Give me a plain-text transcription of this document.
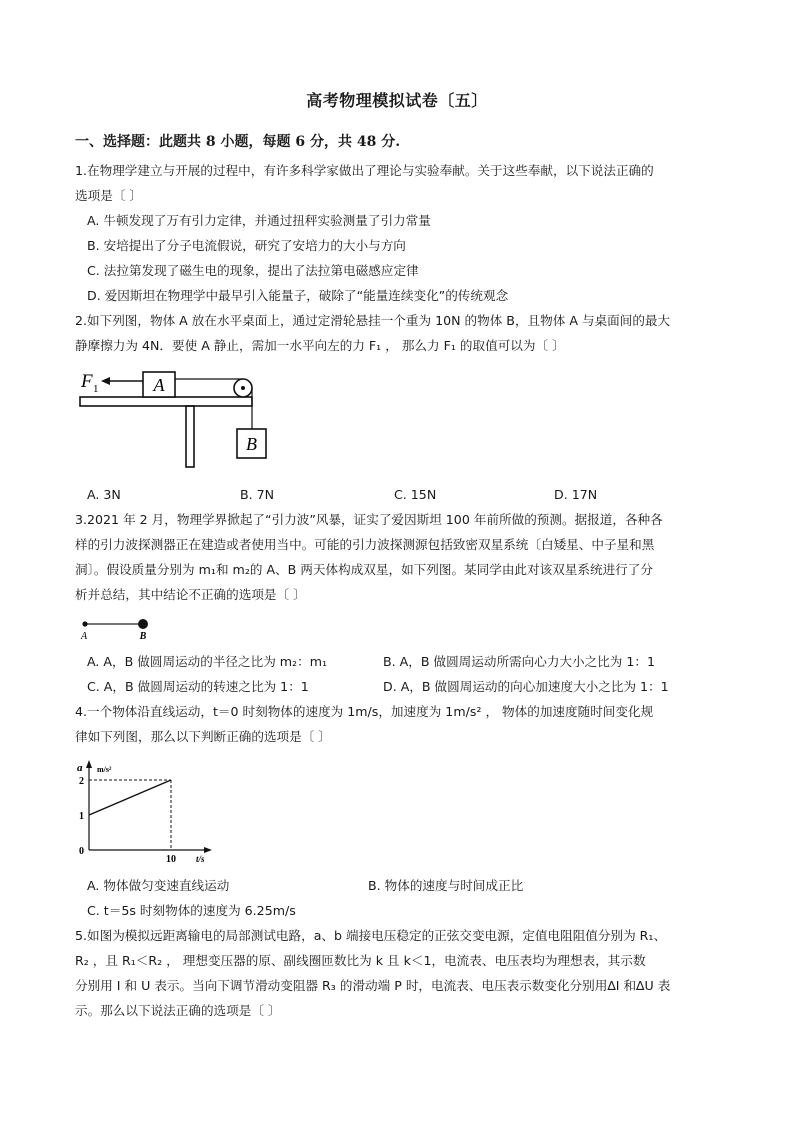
高考物理模拟试卷〔五〕
一、选择题：此题共 8 小题，每题 6 分，共 48 分.
1.在物理学建立与开展的过程中，有许多科学家做出了理论与实验奉献。关于这些奉献，以下说法正确的
选项是〔 〕
A. 牛顿发现了万有引力定律，并通过扭秤实验测量了引力常量
B. 安培提出了分子电流假说，研究了安培力的大小与方向
C. 法拉第发现了磁生电的现象，提出了法拉第电磁感应定律
D. 爱因斯坦在物理学中最早引入能量子，破除了“能量连续变化”的传统观念
2.如下列图，物体 A 放在水平桌面上，通过定滑轮悬挂一个重为 10N 的物体 B，且物体 A 与桌面间的最大
静摩擦力为 4N．要使 A 静止，需加一水平向左的力 F₁ ， 那么力 F₁ 的取值可以为〔 〕
A
F 1
B
A. 3N	B. 7N	C. 15N	D. 17N
3.2021 年 2 月，物理学界掀起了“引力波”风暴，证实了爱因斯坦 100 年前所做的预测。据报道，各种各
样的引力波探测器正在建造或者使用当中。可能的引力波探测源包括致密双星系统〔白矮星、中子星和黑
洞〕。假设质量分别为 m₁和 m₂的 A、B 两天体构成双星，如下列图。某同学由此对该双星系统进行了分
析并总结，其中结论不正确的选项是〔 〕
A	B
A. A，B 做圆周运动的半径之比为 m₂：m₁	B. A，B 做圆周运动所需向心力大小之比为 1：1
C. A，B 做圆周运动的转速之比为 1：1	D. A，B 做圆周运动的向心加速度大小之比为 1：1
4.一个物体沿直线运动，t＝0 时刻物体的速度为 1m/s，加速度为 1m/s² ， 物体的加速度随时间变化规
律如下列图，那么以下判断正确的选项是〔 〕
a m/s²
t/s
0
1
2
10
A. 物体做匀变速直线运动	B. 物体的速度与时间成正比
C. t＝5s 时刻物体的速度为 6.25m/s
5.如图为模拟远距离输电的局部测试电路，a、b 端接电压稳定的正弦交变电源，定值电阻阻值分别为 R₁、
R₂ ，且 R₁＜R₂ ， 理想变压器的原、副线圈匝数比为 k 且 k＜1，电流表、电压表均为理想表，其示数
分别用 I 和 U 表示。当向下调节滑动变阻器 R₃ 的滑动端 P 时，电流表、电压表示数变化分别用∆I 和∆U 表
示。那么以下说法正确的选项是〔 〕
